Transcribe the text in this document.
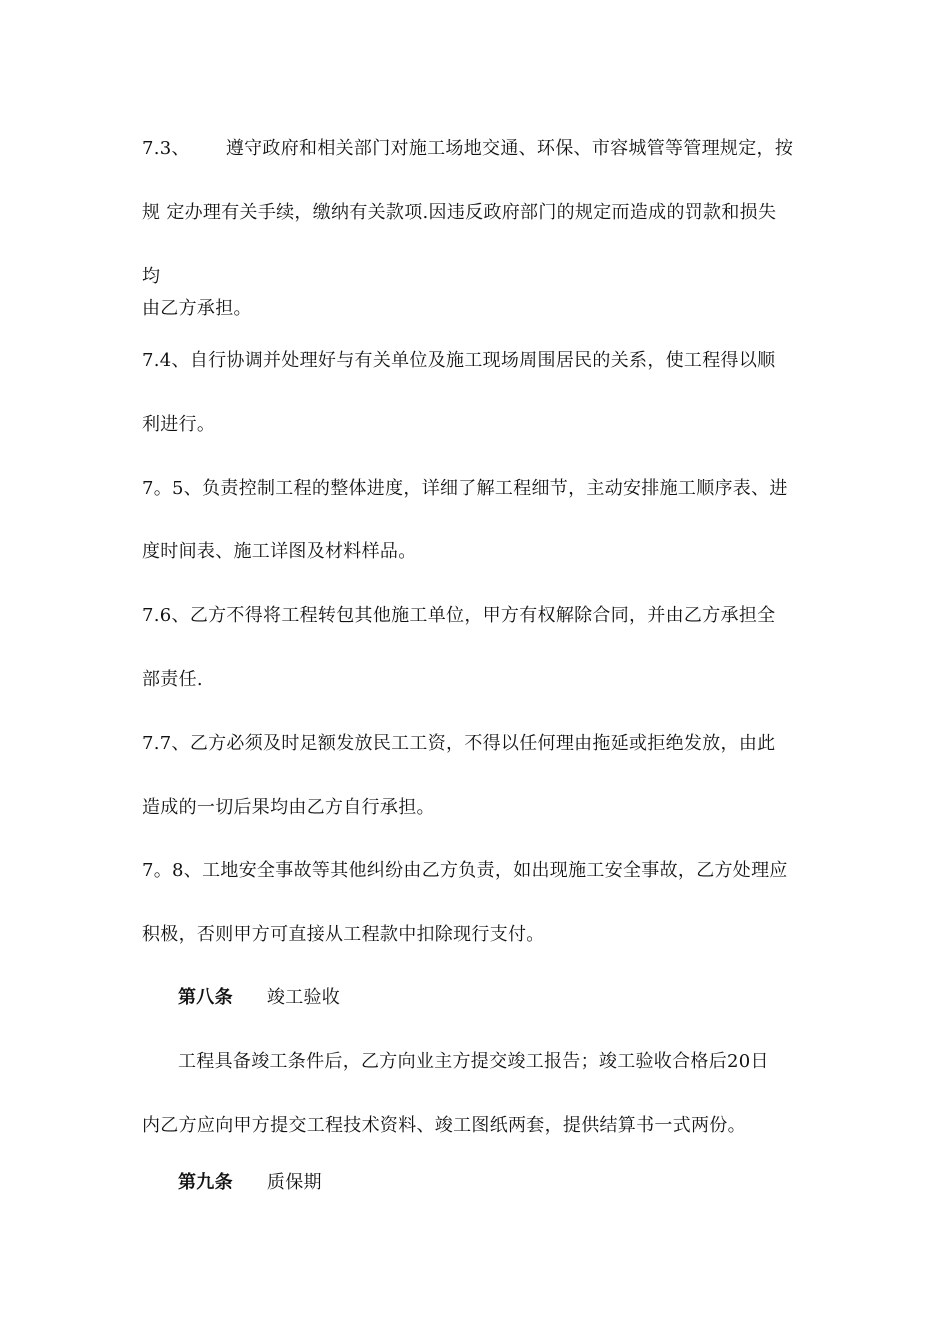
7.3、 遵守政府和相关部门对施工场地交通、环保、市容城管等管理规定，按
规 定办理有关手续，缴纳有关款项.因违反政府部门的规定而造成的罚款和损失
均
由乙方承担。
7.4、自行协调并处理好与有关单位及施工现场周围居民的关系，使工程得以顺
利进行。
7。5、负责控制工程的整体进度，详细了解工程细节，主动安排施工顺序表、进
度时间表、施工详图及材料样品。
7.6、乙方不得将工程转包其他施工单位，甲方有权解除合同，并由乙方承担全
部责任.
7.7、乙方必须及时足额发放民工工资，不得以任何理由拖延或拒绝发放，由此
造成的一切后果均由乙方自行承担。
7。8、工地安全事故等其他纠纷由乙方负责，如出现施工安全事故，乙方处理应
积极，否则甲方可直接从工程款中扣除现行支付。
第八条 竣工验收
工程具备竣工条件后，乙方向业主方提交竣工报告；竣工验收合格后20日
内乙方应向甲方提交工程技术资料、竣工图纸两套，提供结算书一式两份。
第九条 质保期
